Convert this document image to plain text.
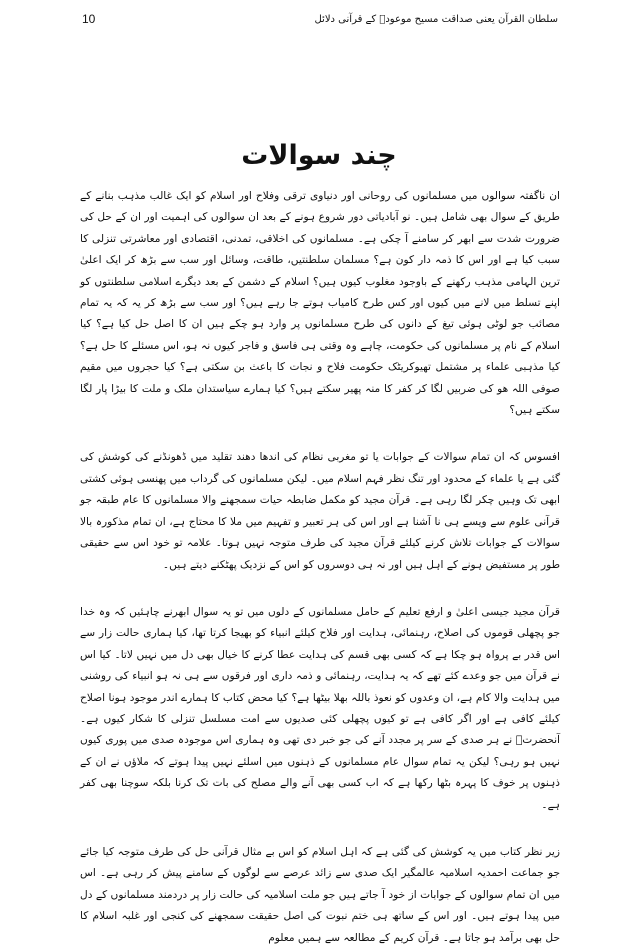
10	سلطان القرآن یعنی صداقت مسیح موعودؑ کے قرآنی دلائل
چند سوالات

ان ناگفتہ سوالوں میں مسلمانوں کی روحانی اور دنیاوی ترقی وفلاح اور اسلام کو ایک غالب مذہب بنانے کے طریق کے سوال بھی شامل ہیں۔ نو آبادیاتی دور شروع ہونے کے بعد ان سوالوں کی اہمیت اور ان کے حل کی ضرورت شدت سے ابھر کر سامنے آ چکی ہے۔ مسلمانوں کی اخلاقی، تمدنی، اقتصادی اور معاشرتی تنزلی کا سبب کیا ہے اور اس کا ذمہ دار کون ہے؟ مسلمان سلطنتیں، طاقت، وسائل اور سب سے بڑھ کر ایک اعلیٰ ترین الہامی مذہب رکھنے کے باوجود مغلوب کیوں ہیں؟ اسلام کے دشمن کے بعد دیگرے اسلامی سلطنتوں کو اپنے تسلط میں لانے میں کیوں اور کس طرح کامیاب ہوتے جا رہے ہیں؟ اور سب سے بڑھ کر یہ کہ یہ تمام مصائب جو لوٹی ہوئی تیغ کے دانوں کی طرح مسلمانوں پر وارد ہو چکے ہیں ان کا اصل حل کیا ہے؟ کیا اسلام کے نام پر مسلمانوں کی حکومت، چاہے وہ وقتی ہی فاسق و فاجر کیوں نہ ہو، اس مسئلے کا حل ہے؟ کیا مذہبی علماء پر مشتمل تھیوکریٹک حکومت فلاح و نجات کا باعث بن سکتی ہے؟ کیا حجروں میں مقیم صوفی اللہ ھو کی ضربیں لگا کر کفر کا منہ پھیر سکتے ہیں؟ کیا ہمارے سیاستدان ملک و ملت کا بیڑا پار لگا سکتے ہیں؟

افسوس کہ ان تمام سوالات کے جوابات یا تو مغربی نظام کی اندھا دھند تقلید میں ڈھونڈنے کی کوشش کی گئی ہے یا علماء کے محدود اور تنگ نظر فہم اسلام میں۔ لیکن مسلمانوں کی گرداب میں پھنسی ہوئی کشتی ابھی تک وہیں چکر لگا رہی ہے۔ قرآن مجید کو مکمل ضابطہ حیات سمجھنے والا مسلمانوں کا عام طبقہ جو قرآنی علوم سے ویسے ہی نا آشنا ہے اور اس کی ہر تعبیر و تفہیم میں ملا کا محتاج ہے، ان تمام مذکورہ بالا سوالات کے جوابات تلاش کرنے کیلئے قرآن مجید کی طرف متوجہ نہیں ہوتا۔ علامہ تو خود اس سے حقیقی طور پر مستفیض ہونے کے اہل ہیں اور نہ ہی دوسروں کو اس کے نزدیک پھٹکنے دیتے ہیں۔

قرآن مجید جیسی اعلیٰ و ارفع تعلیم کے حامل مسلمانوں کے دلوں میں تو یہ سوال ابھرنے چاہئیں کہ وہ خدا جو پچھلی قوموں کی اصلاح، رہنمائی، ہدایت اور فلاح کیلئے انبیاء کو بھیجا کرتا تھا، کیا ہماری حالت زار سے اس قدر بے پرواہ ہو چکا ہے کہ کسی بھی قسم کی ہدایت عطا کرنے کا خیال بھی دل میں نہیں لاتا۔ کیا اس نے قرآن میں جو وعدے کئے تھے کہ یہ ہدایت، رہنمائی و ذمہ داری اور فرقوں سے ہی نہ ہو انبیاء کی روشنی میں ہدایت والا کام ہے، ان وعدوں کو نعوذ باللہ بھلا بیٹھا ہے؟ کیا محض کتاب کا ہمارے اندر موجود ہونا اصلاح کیلئے کافی ہے اور اگر کافی ہے تو کیوں پچھلی کئی صدیوں سے امت مسلسل تنزلی کا شکار کیوں ہے۔ آنحضرتؐ نے ہر صدی کے سر پر مجدد آنے کی جو خبر دی تھی وہ ہماری اس موجودہ صدی میں پوری کیوں نہیں ہو رہی؟ لیکن یہ تمام سوال عام مسلمانوں کے ذہنوں میں اسلئے نہیں پیدا ہوتے کہ ملاؤں نے ان کے ذہنوں پر خوف کا پہرہ بٹھا رکھا ہے کہ اب کسی بھی آنے والے مصلح کی بات تک کرنا بلکہ سوچنا بھی کفر ہے۔

زیر نظر کتاب میں یہ کوشش کی گئی ہے کہ اہل اسلام کو اس بے مثال قرآنی حل کی طرف متوجہ کیا جائے جو جماعت احمدیہ اسلامیہ عالمگیر ایک صدی سے زائد عرصے سے لوگوں کے سامنے پیش کر رہی ہے۔ اس میں ان تمام سوالوں کے جوابات از خود آ جاتے ہیں جو ملت اسلامیہ کی حالت زار پر دردمند مسلمانوں کے دل میں پیدا ہوتے ہیں۔ اور اس کے ساتھ ہی ختم نبوت کی اصل حقیقت سمجھنے کی کنجی اور غلبہ اسلام کا حل بھی برآمد ہو جاتا ہے۔ قرآن کریم کے مطالعہ سے ہمیں معلوم
